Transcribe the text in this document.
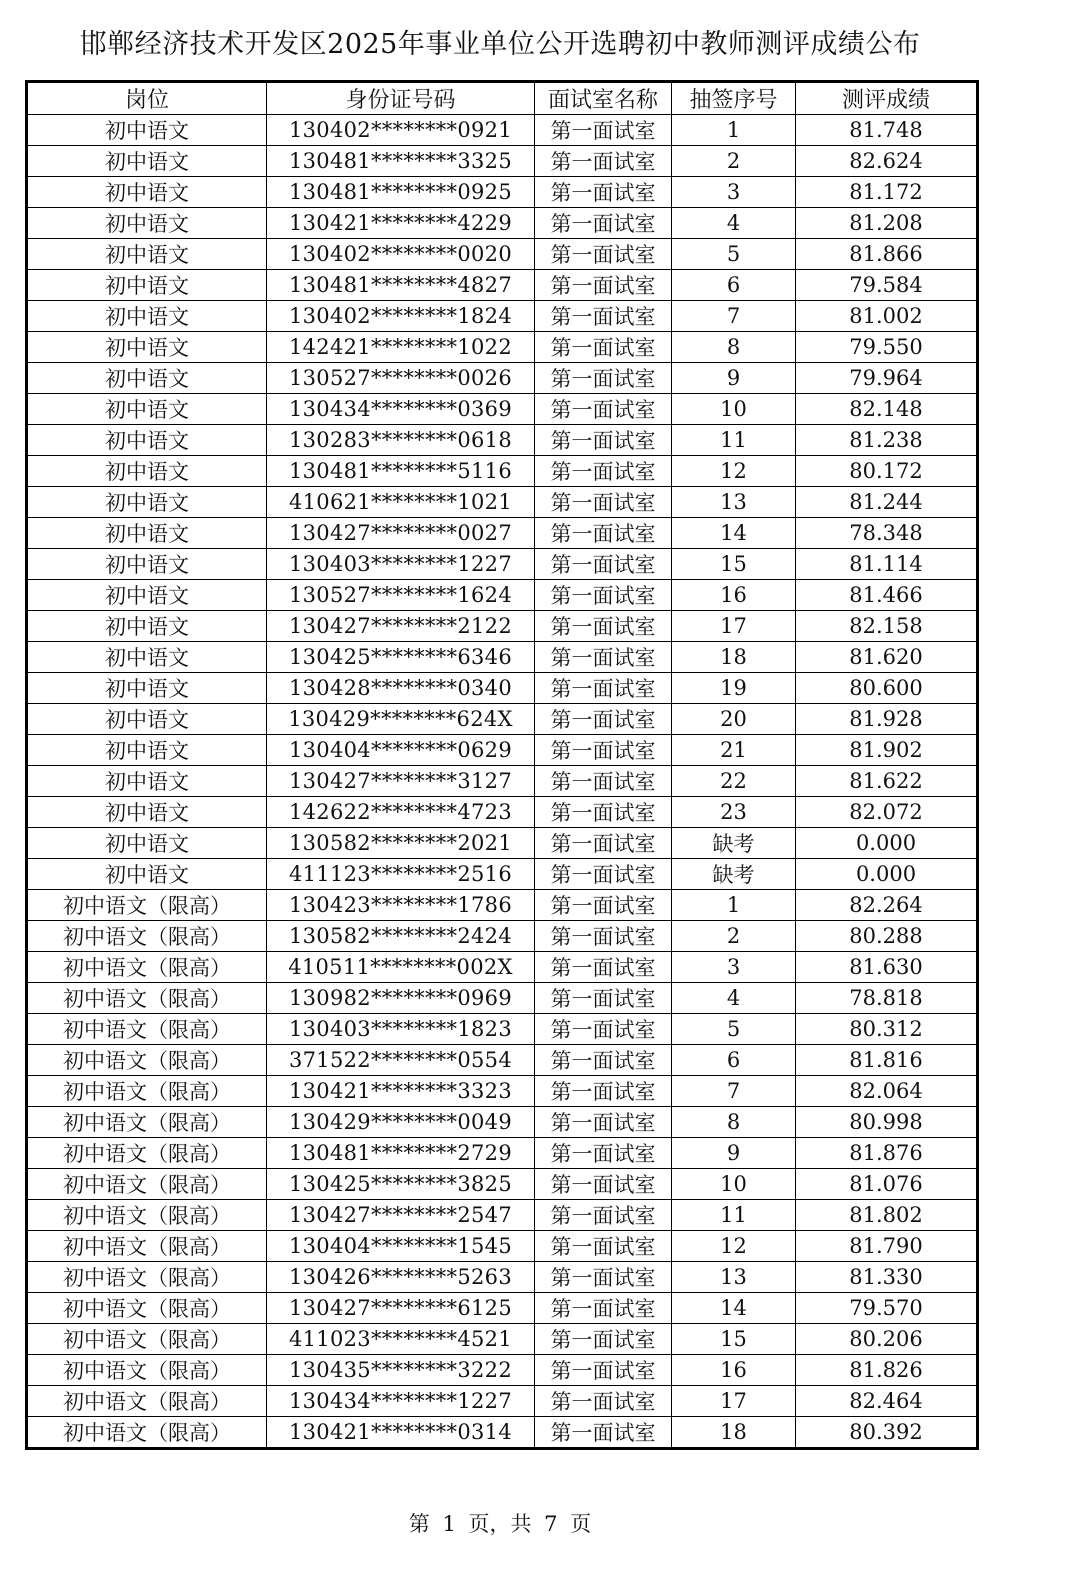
邯郸经济技术开发区2025年事业单位公开选聘初中教师测评成绩公布
岗位	身份证号码	面试室名称	抽签序号	测评成绩
初中语文	130402********0921	第一面试室	1	81.748
初中语文	130481********3325	第一面试室	2	82.624
初中语文	130481********0925	第一面试室	3	81.172
初中语文	130421********4229	第一面试室	4	81.208
初中语文	130402********0020	第一面试室	5	81.866
初中语文	130481********4827	第一面试室	6	79.584
初中语文	130402********1824	第一面试室	7	81.002
初中语文	142421********1022	第一面试室	8	79.550
初中语文	130527********0026	第一面试室	9	79.964
初中语文	130434********0369	第一面试室	10	82.148
初中语文	130283********0618	第一面试室	11	81.238
初中语文	130481********5116	第一面试室	12	80.172
初中语文	410621********1021	第一面试室	13	81.244
初中语文	130427********0027	第一面试室	14	78.348
初中语文	130403********1227	第一面试室	15	81.114
初中语文	130527********1624	第一面试室	16	81.466
初中语文	130427********2122	第一面试室	17	82.158
初中语文	130425********6346	第一面试室	18	81.620
初中语文	130428********0340	第一面试室	19	80.600
初中语文	130429********624X	第一面试室	20	81.928
初中语文	130404********0629	第一面试室	21	81.902
初中语文	130427********3127	第一面试室	22	81.622
初中语文	142622********4723	第一面试室	23	82.072
初中语文	130582********2021	第一面试室	缺考	0.000
初中语文	411123********2516	第一面试室	缺考	0.000
初中语文（限高）	130423********1786	第一面试室	1	82.264
初中语文（限高）	130582********2424	第一面试室	2	80.288
初中语文（限高）	410511********002X	第一面试室	3	81.630
初中语文（限高）	130982********0969	第一面试室	4	78.818
初中语文（限高）	130403********1823	第一面试室	5	80.312
初中语文（限高）	371522********0554	第一面试室	6	81.816
初中语文（限高）	130421********3323	第一面试室	7	82.064
初中语文（限高）	130429********0049	第一面试室	8	80.998
初中语文（限高）	130481********2729	第一面试室	9	81.876
初中语文（限高）	130425********3825	第一面试室	10	81.076
初中语文（限高）	130427********2547	第一面试室	11	81.802
初中语文（限高）	130404********1545	第一面试室	12	81.790
初中语文（限高）	130426********5263	第一面试室	13	81.330
初中语文（限高）	130427********6125	第一面试室	14	79.570
初中语文（限高）	411023********4521	第一面试室	15	80.206
初中语文（限高）	130435********3222	第一面试室	16	81.826
初中语文（限高）	130434********1227	第一面试室	17	82.464
初中语文（限高）	130421********0314	第一面试室	18	80.392
第 1 页，共 7 页
